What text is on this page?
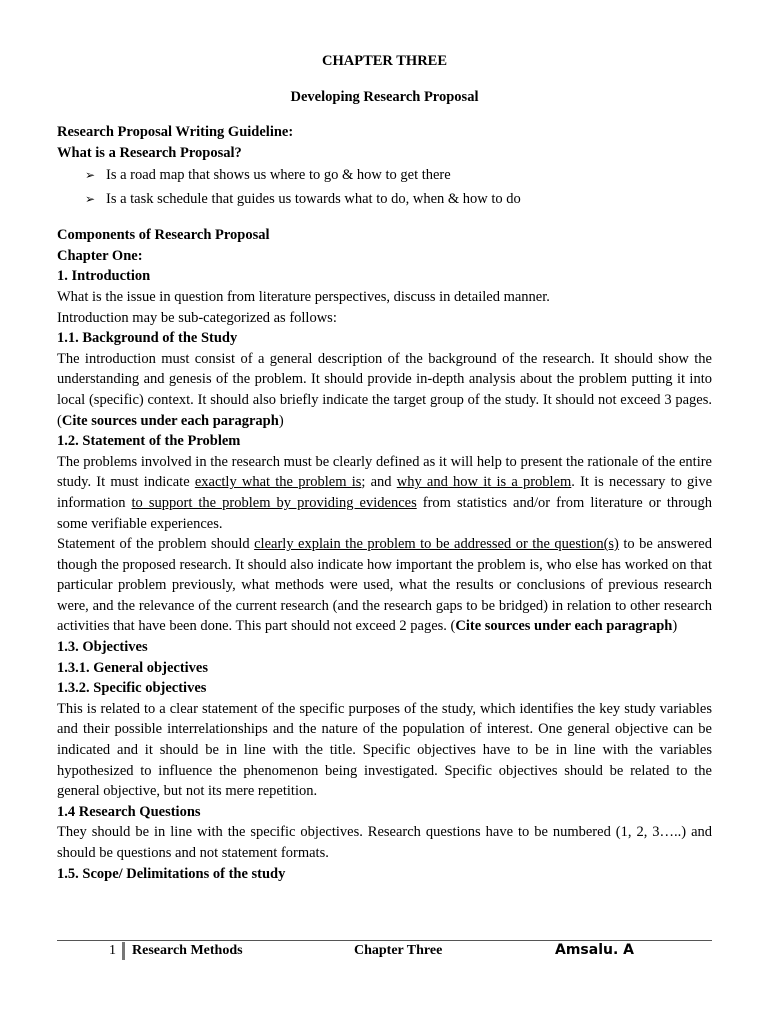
CHAPTER THREE

Developing Research Proposal

Research Proposal Writing Guideline:

What is a Research Proposal?

➢ Is a road map that shows us where to go & how to get there
➢ Is a task schedule that guides us towards what to do, when & how to do

Components of Research Proposal

Chapter One:

1. Introduction

What is the issue in question from literature perspectives, discuss in detailed manner.

Introduction may be sub-categorized as follows:

1.1. Background of the Study

The introduction must consist of a general description of the background of the research. It should show the understanding and genesis of the problem. It should provide in-depth analysis about the problem putting it into local (specific) context. It should also briefly indicate the target group of the study. It should not exceed 3 pages. (Cite sources under each paragraph)

1.2. Statement of the Problem

The problems involved in the research must be clearly defined as it will help to present the rationale of the entire study. It must indicate exactly what the problem is; and why and how it is a problem. It is necessary to give information to support the problem by providing evidences from statistics and/or from literature or through some verifiable experiences.

Statement of the problem should clearly explain the problem to be addressed or the question(s) to be answered though the proposed research. It should also indicate how important the problem is, who else has worked on that particular problem previously, what methods were used, what the results or conclusions of previous research were, and the relevance of the current research (and the research gaps to be bridged) in relation to other research activities that have been done. This part should not exceed 2 pages. (Cite sources under each paragraph)

1.3. Objectives

1.3.1. General objectives

1.3.2. Specific objectives

This is related to a clear statement of the specific purposes of the study, which identifies the key study variables and their possible interrelationships and the nature of the population of interest. One general objective can be indicated and it should be in line with the title. Specific objectives have to be in line with the variables hypothesized to influence the phenomenon being investigated. Specific objectives should be related to the general objective, but not its mere repetition.

1.4 Research Questions

They should be in line with the specific objectives. Research questions have to be numbered (1, 2, 3…..) and should be questions and not statement formats.

1.5. Scope/ Delimitations of the study

1 Research Methods	Chapter Three	Amsalu. A
